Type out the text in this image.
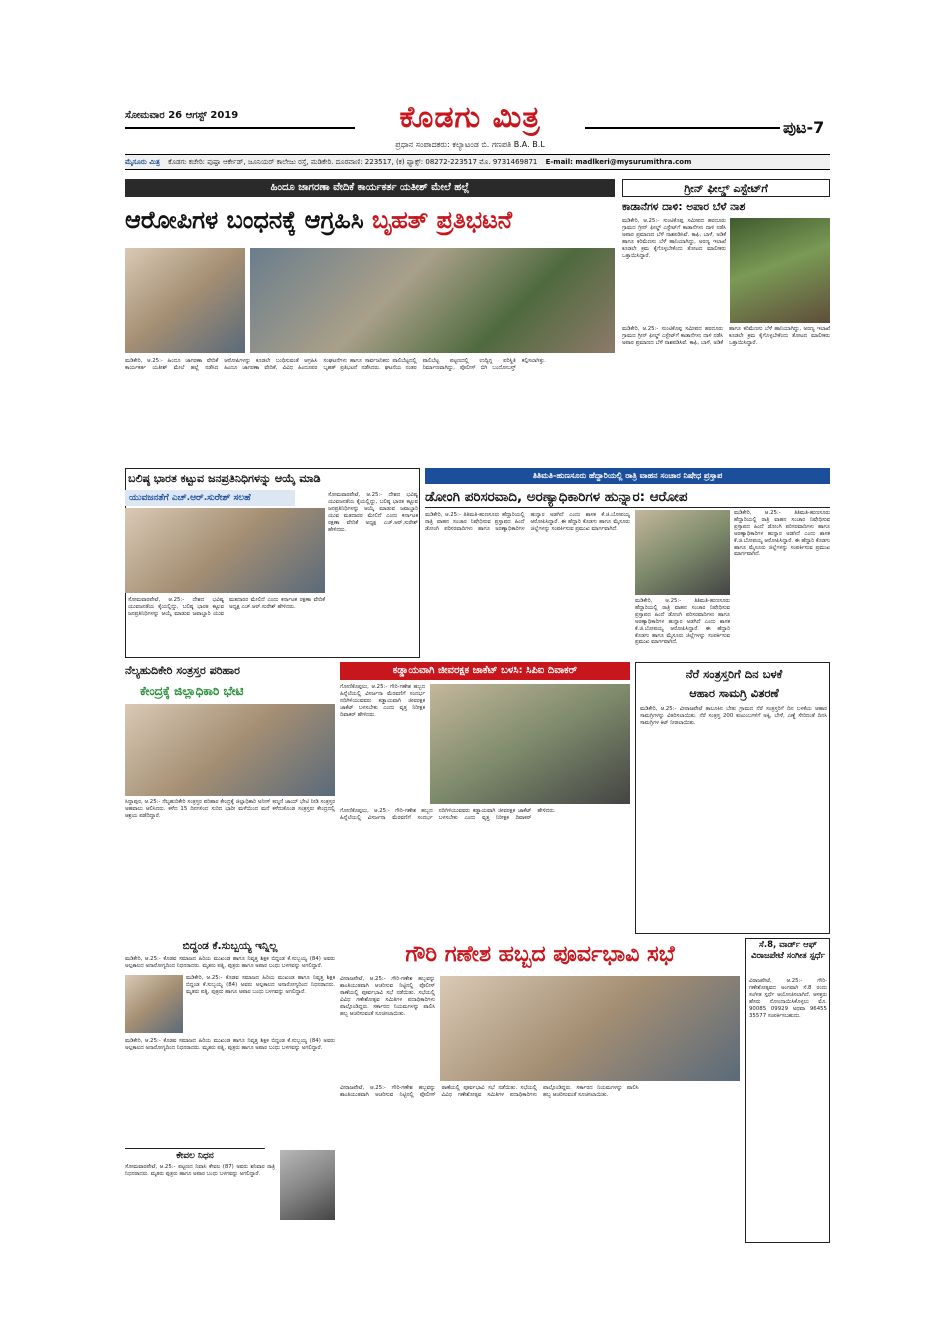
ಸೋಮವಾರ 26 ಆಗಸ್ಟ್ 2019	ಕೊಡಗು ಮಿತ್ರ
ಪ್ರಧಾನ ಸಂಪಾದಕರು: ಕಲ್ಯಾಟಂಡ ಬಿ. ಗಣಪತಿ B.A. B.L
ಪುಟ-7
ಮೈಸೂರು ಮಿತ್ರ ಕೊಡಗು ಕಚೇರಿ: ಪುಷ್ಪಾ ಆರ್ಕೇಡ್, ಜೂನಿಯರ್ ಕಾಲೇಜು ರಸ್ತೆ, ಮಡಿಕೇರಿ. ದೂರವಾಣಿ: 223517, (ಕ) ಫ್ಯಾಕ್ಸ್: 08272-223517 ಮೊ. 9731469871 E-mail: madlkeri@mysurumithra.com
ಹಿಂದೂ ಜಾಗರಣಾ ವೇದಿಕೆ ಕಾರ್ಯಕರ್ತ ಯತೀಶ್ ಮೇಲೆ ಹಲ್ಲೆ
ಆರೋಪಿಗಳ ಬಂಧನಕ್ಕೆ ಆಗ್ರಹಿಸಿ ಬೃಹತ್ ಪ್ರತಿಭಟನೆ
ಮಡಿಕೇರಿ, ಆ.25:- ಹಿಂದೂ ಜಾಗರಣಾ ವೇದಿಕೆ ಕಾರ್ಯಕರ್ತ ಯತೀಶ್ ಮೇಲೆ ಹಲ್ಲೆ ನಡೆಸಿದ ಆರೋಪಿಗಳನ್ನು ಕೂಡಲೇ ಬಂಧಿಸುವಂತೆ ಆಗ್ರಹಿಸಿ ಹಿಂದೂ ಜಾಗರಣಾ ವೇದಿಕೆ, ವಿವಿಧ ಹಿಂದೂಪರ ಸಂಘಟನೆಗಳು ಹಾಗೂ ಸಾರ್ವಜನಿಕರು ಪಾಲಿಬೆಟ್ಟದಲ್ಲಿ ಬೃಹತ್ ಪ್ರತಿಭಟನೆ ನಡೆಸಿದರು. ಘಟನೆಯ ನಂತರ ಪಾಲಿಬೆಟ್ಟ ಪಟ್ಟಣದಲ್ಲಿ ಉದ್ವಿಗ್ನ ಪರಿಸ್ಥಿತಿ ನಿರ್ಮಾಣವಾಗಿದ್ದು, ಪೊಲೀಸ್ ಬಿಗಿ ಬಂದೋಬಸ್ತ್ ಕಲ್ಪಿಸಲಾಗಿತ್ತು.
ಗ್ರೀನ್ ಫೀಲ್ಡ್ ಎಸ್ಟೇಟ್‌ಗೆ
ಕಾಡಾನೆಗಳ ದಾಳಿ: ಅಪಾರ ಬೆಳೆ ನಾಶ
ಮಡಿಕೇರಿ, ಆ.25:- ಸುಂಟಿಕೊಪ್ಪ ಸಮೀಪದ ಹರದೂರು ಗ್ರಾಮದ ಗ್ರೀನ್ ಫೀಲ್ಡ್ ಎಸ್ಟೇಟ್‌ಗೆ ಕಾಡಾನೆಗಳು ದಾಳಿ ನಡೆಸಿ ಅಪಾರ ಪ್ರಮಾಣದ ಬೆಳೆ ನಾಶಪಡಿಸಿವೆ. ಕಾಫಿ, ಬಾಳೆ, ಅಡಿಕೆ ಹಾಗೂ ಕರಿಮೆಣಸು ಬೆಳೆ ಹಾನಿಯಾಗಿದ್ದು, ಅರಣ್ಯ ಇಲಾಖೆ ಕೂಡಲೇ ಕ್ರಮ ಕೈಗೊಳ್ಳಬೇಕೆಂದು ತೋಟದ ಮಾಲೀಕರು ಒತ್ತಾಯಿಸಿದ್ದಾರೆ.
ಮಡಿಕೇರಿ, ಆ.25:- ಸುಂಟಿಕೊಪ್ಪ ಸಮೀಪದ ಹರದೂರು ಗ್ರಾಮದ ಗ್ರೀನ್ ಫೀಲ್ಡ್ ಎಸ್ಟೇಟ್‌ಗೆ ಕಾಡಾನೆಗಳು ದಾಳಿ ನಡೆಸಿ ಅಪಾರ ಪ್ರಮಾಣದ ಬೆಳೆ ನಾಶಪಡಿಸಿವೆ. ಕಾಫಿ, ಬಾಳೆ, ಅಡಿಕೆ ಹಾಗೂ ಕರಿಮೆಣಸು ಬೆಳೆ ಹಾನಿಯಾಗಿದ್ದು, ಅರಣ್ಯ ಇಲಾಖೆ ಕೂಡಲೇ ಕ್ರಮ ಕೈಗೊಳ್ಳಬೇಕೆಂದು ತೋಟದ ಮಾಲೀಕರು ಒತ್ತಾಯಿಸಿದ್ದಾರೆ.
ಬಲಿಷ್ಠ ಭಾರತ ಕಟ್ಟುವ ಜನಪ್ರತಿನಿಧಿಗಳನ್ನು ಆಯ್ಕೆ ಮಾಡಿ
ಯುವಜನತೆಗೆ ಎಚ್.ಆರ್.ಸುರೇಶ್ ಸಲಹೆ	ಸೋಮವಾರಪೇಟೆ, ಆ.25:- ದೇಶದ ಭವಿಷ್ಯ ಯುವಜನತೆಯ ಕೈಯಲ್ಲಿದ್ದು, ಬಲಿಷ್ಠ ಭಾರತ ಕಟ್ಟುವ ಜನಪ್ರತಿನಿಧಿಗಳನ್ನು ಆಯ್ಕೆ ಮಾಡುವ ಜವಾಬ್ದಾರಿ ಯುವ ಮತದಾರರ ಮೇಲಿದೆ ಎಂದು ಕರ್ನಾಟಕ ರಕ್ಷಣಾ ವೇದಿಕೆ ಅಧ್ಯಕ್ಷ ಎಚ್.ಆರ್.ಸುರೇಶ್ ಹೇಳಿದರು.
ಸೋಮವಾರಪೇಟೆ, ಆ.25:- ದೇಶದ ಭವಿಷ್ಯ ಯುವಜನತೆಯ ಕೈಯಲ್ಲಿದ್ದು, ಬಲಿಷ್ಠ ಭಾರತ ಕಟ್ಟುವ ಜನಪ್ರತಿನಿಧಿಗಳನ್ನು ಆಯ್ಕೆ ಮಾಡುವ ಜವಾಬ್ದಾರಿ ಯುವ ಮತದಾರರ ಮೇಲಿದೆ ಎಂದು ಕರ್ನಾಟಕ ರಕ್ಷಣಾ ವೇದಿಕೆ ಅಧ್ಯಕ್ಷ ಎಚ್.ಆರ್.ಸುರೇಶ್ ಹೇಳಿದರು.
ತಿತಿಮತಿ-ಹುಣಸೂರು ಹೆದ್ದಾರಿಯಲ್ಲಿ ರಾತ್ರಿ ವಾಹನ ಸಂಚಾರ ನಿಷೇಧ ಪ್ರಸ್ತಾಪ
ಡೋಂಗಿ ಪರಿಸರವಾದಿ, ಅರಣ್ಯಾಧಿಕಾರಿಗಳ ಹುನ್ನಾರ: ಆರೋಪ
ಮಡಿಕೇರಿ, ಆ.25:- ತಿತಿಮತಿ-ಹುಣಸೂರು ಹೆದ್ದಾರಿಯಲ್ಲಿ ರಾತ್ರಿ ವಾಹನ ಸಂಚಾರ ನಿಷೇಧಿಸುವ ಪ್ರಸ್ತಾಪದ ಹಿಂದೆ ಡೋಂಗಿ ಪರಿಸರವಾದಿಗಳು ಹಾಗೂ ಅರಣ್ಯಾಧಿಕಾರಿಗಳ ಹುನ್ನಾರ ಅಡಗಿದೆ ಎಂದು ಶಾಸಕ ಕೆ.ಜಿ.ಬೋಪಯ್ಯ ಆರೋಪಿಸಿದ್ದಾರೆ. ಈ ಹೆದ್ದಾರಿ ಕೊಡಗು ಹಾಗೂ ಮೈಸೂರು ಜಿಲ್ಲೆಗಳನ್ನು ಸಂಪರ್ಕಿಸುವ ಪ್ರಮುಖ ಮಾರ್ಗವಾಗಿದೆ.
ಮಡಿಕೇರಿ, ಆ.25:- ತಿತಿಮತಿ-ಹುಣಸೂರು ಹೆದ್ದಾರಿಯಲ್ಲಿ ರಾತ್ರಿ ವಾಹನ ಸಂಚಾರ ನಿಷೇಧಿಸುವ ಪ್ರಸ್ತಾಪದ ಹಿಂದೆ ಡೋಂಗಿ ಪರಿಸರವಾದಿಗಳು ಹಾಗೂ ಅರಣ್ಯಾಧಿಕಾರಿಗಳ ಹುನ್ನಾರ ಅಡಗಿದೆ ಎಂದು ಶಾಸಕ ಕೆ.ಜಿ.ಬೋಪಯ್ಯ ಆರೋಪಿಸಿದ್ದಾರೆ. ಈ ಹೆದ್ದಾರಿ ಕೊಡಗು ಹಾಗೂ ಮೈಸೂರು ಜಿಲ್ಲೆಗಳನ್ನು ಸಂಪರ್ಕಿಸುವ ಪ್ರಮುಖ ಮಾರ್ಗವಾಗಿದೆ.
ಮಡಿಕೇರಿ, ಆ.25:- ತಿತಿಮತಿ-ಹುಣಸೂರು ಹೆದ್ದಾರಿಯಲ್ಲಿ ರಾತ್ರಿ ವಾಹನ ಸಂಚಾರ ನಿಷೇಧಿಸುವ ಪ್ರಸ್ತಾಪದ ಹಿಂದೆ ಡೋಂಗಿ ಪರಿಸರವಾದಿಗಳು ಹಾಗೂ ಅರಣ್ಯಾಧಿಕಾರಿಗಳ ಹುನ್ನಾರ ಅಡಗಿದೆ ಎಂದು ಶಾಸಕ ಕೆ.ಜಿ.ಬೋಪಯ್ಯ ಆರೋಪಿಸಿದ್ದಾರೆ. ಈ ಹೆದ್ದಾರಿ ಕೊಡಗು ಹಾಗೂ ಮೈಸೂರು ಜಿಲ್ಲೆಗಳನ್ನು ಸಂಪರ್ಕಿಸುವ ಪ್ರಮುಖ ಮಾರ್ಗವಾಗಿದೆ.
ನೆಲ್ಯಹುದಿಕೇರಿ ಸಂತ್ರಸ್ತರ ಪರಿಹಾರ
ಕೇಂದ್ರಕ್ಕೆ ಜಿಲ್ಲಾಧಿಕಾರಿ ಭೇಟಿ
ಸಿದ್ದಾಪುರ, ಆ.25:- ನೆಲ್ಯಹುದಿಕೇರಿ ಸಂತ್ರಸ್ತರ ಪರಿಹಾರ ಕೇಂದ್ರಕ್ಕೆ ಜಿಲ್ಲಾಧಿಕಾರಿ ಅನೀಸ್ ಕಣ್ಮಣಿ ಜಾಯ್ ಭೇಟಿ ನೀಡಿ ಸಂತ್ರಸ್ತರ ಅಹವಾಲು ಆಲಿಸಿದರು. ಕಳೆದ 15 ದಿನಗಳಿಂದ ಸುರಿದ ಭಾರೀ ಮಳೆಯಿಂದ ಮನೆ ಕಳೆದುಕೊಂಡ ಸಂತ್ರಸ್ತರು ಕೇಂದ್ರದಲ್ಲಿ ಆಶ್ರಯ ಪಡೆದಿದ್ದಾರೆ.
ಕಡ್ಡಾಯವಾಗಿ ಜೀವರಕ್ಷಕ ಜಾಕೆಟ್ ಬಳಸಿ: ಸಿಪಿಐ ದಿವಾಕರ್
ಗೋಣಿಕೊಪ್ಪಲು, ಆ.25:- ಗೌರಿ-ಗಣೇಶ ಹಬ್ಬದ ಹಿನ್ನೆಲೆಯಲ್ಲಿ ವಿಸರ್ಜನಾ ಮೆರವಣಿಗೆ ಸಂದರ್ಭ ನದಿಗಿಳಿಯುವವರು ಕಡ್ಡಾಯವಾಗಿ ಜೀವರಕ್ಷಕ ಜಾಕೆಟ್ ಬಳಸಬೇಕು ಎಂದು ವೃತ್ತ ನಿರೀಕ್ಷಕ ದಿವಾಕರ್ ಹೇಳಿದರು.
ಗೋಣಿಕೊಪ್ಪಲು, ಆ.25:- ಗೌರಿ-ಗಣೇಶ ಹಬ್ಬದ ಹಿನ್ನೆಲೆಯಲ್ಲಿ ವಿಸರ್ಜನಾ ಮೆರವಣಿಗೆ ಸಂದರ್ಭ ನದಿಗಿಳಿಯುವವರು ಕಡ್ಡಾಯವಾಗಿ ಜೀವರಕ್ಷಕ ಜಾಕೆಟ್ ಬಳಸಬೇಕು ಎಂದು ವೃತ್ತ ನಿರೀಕ್ಷಕ ದಿವಾಕರ್ ಹೇಳಿದರು.
ನೆರೆ ಸಂತ್ರಸ್ತರಿಗೆ ದಿನ ಬಳಕೆ
ಆಹಾರ ಸಾಮಗ್ರಿ ವಿತರಣೆ
ಮಡಿಕೇರಿ, ಆ.25:- ವೀರಾಜಪೇಟೆ ತಾಲೂಕಿನ ಬೇತು ಗ್ರಾಮದ ನೆರೆ ಸಂತ್ರಸ್ತರಿಗೆ ದಿನ ಬಳಕೆಯ ಆಹಾರ ಸಾಮಗ್ರಿಗಳನ್ನು ವಿತರಿಸಲಾಯಿತು. ನೆರೆ ಸಂತ್ರಸ್ತ 200 ಕುಟುಂಬಗಳಿಗೆ ಅಕ್ಕಿ, ಬೇಳೆ, ಎಣ್ಣೆ ಸೇರಿದಂತೆ ದಿನಸಿ ಸಾಮಗ್ರಿಗಳ ಕಿಟ್ ನೀಡಲಾಯಿತು.
ಬಿದ್ದಂಡ ಕೆ.ಸುಬ್ಬಯ್ಯ ಇನ್ನಿಲ್ಲ
ಮಡಿಕೇರಿ, ಆ.25:- ಕೊಡವ ಸಮಾಜದ ಹಿರಿಯ ಮುಖಂಡ ಹಾಗೂ ನಿವೃತ್ತ ಶಿಕ್ಷಕ ಬಿದ್ದಂಡ ಕೆ.ಸುಬ್ಬಯ್ಯ (84) ಅವರು ಅಲ್ಪಕಾಲದ ಅನಾರೋಗ್ಯದಿಂದ ನಿಧನರಾದರು. ಮೃತರು ಪತ್ನಿ, ಪುತ್ರರು ಹಾಗೂ ಅಪಾರ ಬಂಧು ಬಳಗವನ್ನು ಅಗಲಿದ್ದಾರೆ.
ಮಡಿಕೇರಿ, ಆ.25:- ಕೊಡವ ಸಮಾಜದ ಹಿರಿಯ ಮುಖಂಡ ಹಾಗೂ ನಿವೃತ್ತ ಶಿಕ್ಷಕ ಬಿದ್ದಂಡ ಕೆ.ಸುಬ್ಬಯ್ಯ (84) ಅವರು ಅಲ್ಪಕಾಲದ ಅನಾರೋಗ್ಯದಿಂದ ನಿಧನರಾದರು. ಮೃತರು ಪತ್ನಿ, ಪುತ್ರರು ಹಾಗೂ ಅಪಾರ ಬಂಧು ಬಳಗವನ್ನು ಅಗಲಿದ್ದಾರೆ.
ಮಡಿಕೇರಿ, ಆ.25:- ಕೊಡವ ಸಮಾಜದ ಹಿರಿಯ ಮುಖಂಡ ಹಾಗೂ ನಿವೃತ್ತ ಶಿಕ್ಷಕ ಬಿದ್ದಂಡ ಕೆ.ಸುಬ್ಬಯ್ಯ (84) ಅವರು ಅಲ್ಪಕಾಲದ ಅನಾರೋಗ್ಯದಿಂದ ನಿಧನರಾದರು. ಮೃತರು ಪತ್ನಿ, ಪುತ್ರರು ಹಾಗೂ ಅಪಾರ ಬಂಧು ಬಳಗವನ್ನು ಅಗಲಿದ್ದಾರೆ.
ಕೇವಲ ನಿಧನ
ಸೋಮವಾರಪೇಟೆ, ಆ.25:- ಪಟ್ಟಣದ ನಿವಾಸಿ ಕೇವಲ (87) ಅವರು ಶನಿವಾರ ರಾತ್ರಿ ನಿಧನರಾದರು. ಮೃತರು ಪುತ್ರರು ಹಾಗೂ ಅಪಾರ ಬಂಧು ಬಳಗವನ್ನು ಅಗಲಿದ್ದಾರೆ.
ಗೌರಿ ಗಣೇಶ ಹಬ್ಬದ ಪೂರ್ವಭಾವಿ ಸಭೆ
ವೀರಾಜಪೇಟೆ, ಆ.25:- ಗೌರಿ-ಗಣೇಶ ಹಬ್ಬವನ್ನು ಶಾಂತಿಯುತವಾಗಿ ಆಚರಿಸುವ ನಿಟ್ಟಿನಲ್ಲಿ ಪೊಲೀಸ್ ಠಾಣೆಯಲ್ಲಿ ಪೂರ್ವಭಾವಿ ಸಭೆ ನಡೆಯಿತು. ಸಭೆಯಲ್ಲಿ ವಿವಿಧ ಗಣೇಶೋತ್ಸವ ಸಮಿತಿಗಳ ಪದಾಧಿಕಾರಿಗಳು ಪಾಲ್ಗೊಂಡಿದ್ದರು. ಸರ್ಕಾರದ ನಿಯಮಗಳನ್ನು ಪಾಲಿಸಿ ಹಬ್ಬ ಆಚರಿಸುವಂತೆ ಸೂಚಿಸಲಾಯಿತು.
ವೀರಾಜಪೇಟೆ, ಆ.25:- ಗೌರಿ-ಗಣೇಶ ಹಬ್ಬವನ್ನು ಶಾಂತಿಯುತವಾಗಿ ಆಚರಿಸುವ ನಿಟ್ಟಿನಲ್ಲಿ ಪೊಲೀಸ್ ಠಾಣೆಯಲ್ಲಿ ಪೂರ್ವಭಾವಿ ಸಭೆ ನಡೆಯಿತು. ಸಭೆಯಲ್ಲಿ ವಿವಿಧ ಗಣೇಶೋತ್ಸವ ಸಮಿತಿಗಳ ಪದಾಧಿಕಾರಿಗಳು ಪಾಲ್ಗೊಂಡಿದ್ದರು. ಸರ್ಕಾರದ ನಿಯಮಗಳನ್ನು ಪಾಲಿಸಿ ಹಬ್ಬ ಆಚರಿಸುವಂತೆ ಸೂಚಿಸಲಾಯಿತು.
ಸೆ.8, ವಾರ್ಡ್ ಆಫ್ ವಿರಾಜಪೇಟೆ ಸಂಗೀತ ಸ್ಪರ್ಧೆ
ವಿರಾಜಪೇಟೆ, ಆ.25:- ಗೌರಿ-ಗಣೇಶೋತ್ಸವದ ಅಂಗವಾಗಿ ಸೆ.8 ರಂದು ಸಂಗೀತ ಸ್ಪರ್ಧೆ ಆಯೋಜಿಸಲಾಗಿದೆ. ಆಸಕ್ತರು ಹೆಸರು ನೋಂದಾಯಿಸಿಕೊಳ್ಳಲು ಮೊ. 90085 09929 ಅಥವಾ 96455 35577 ಸಂಪರ್ಕಿಸಬಹುದು.
